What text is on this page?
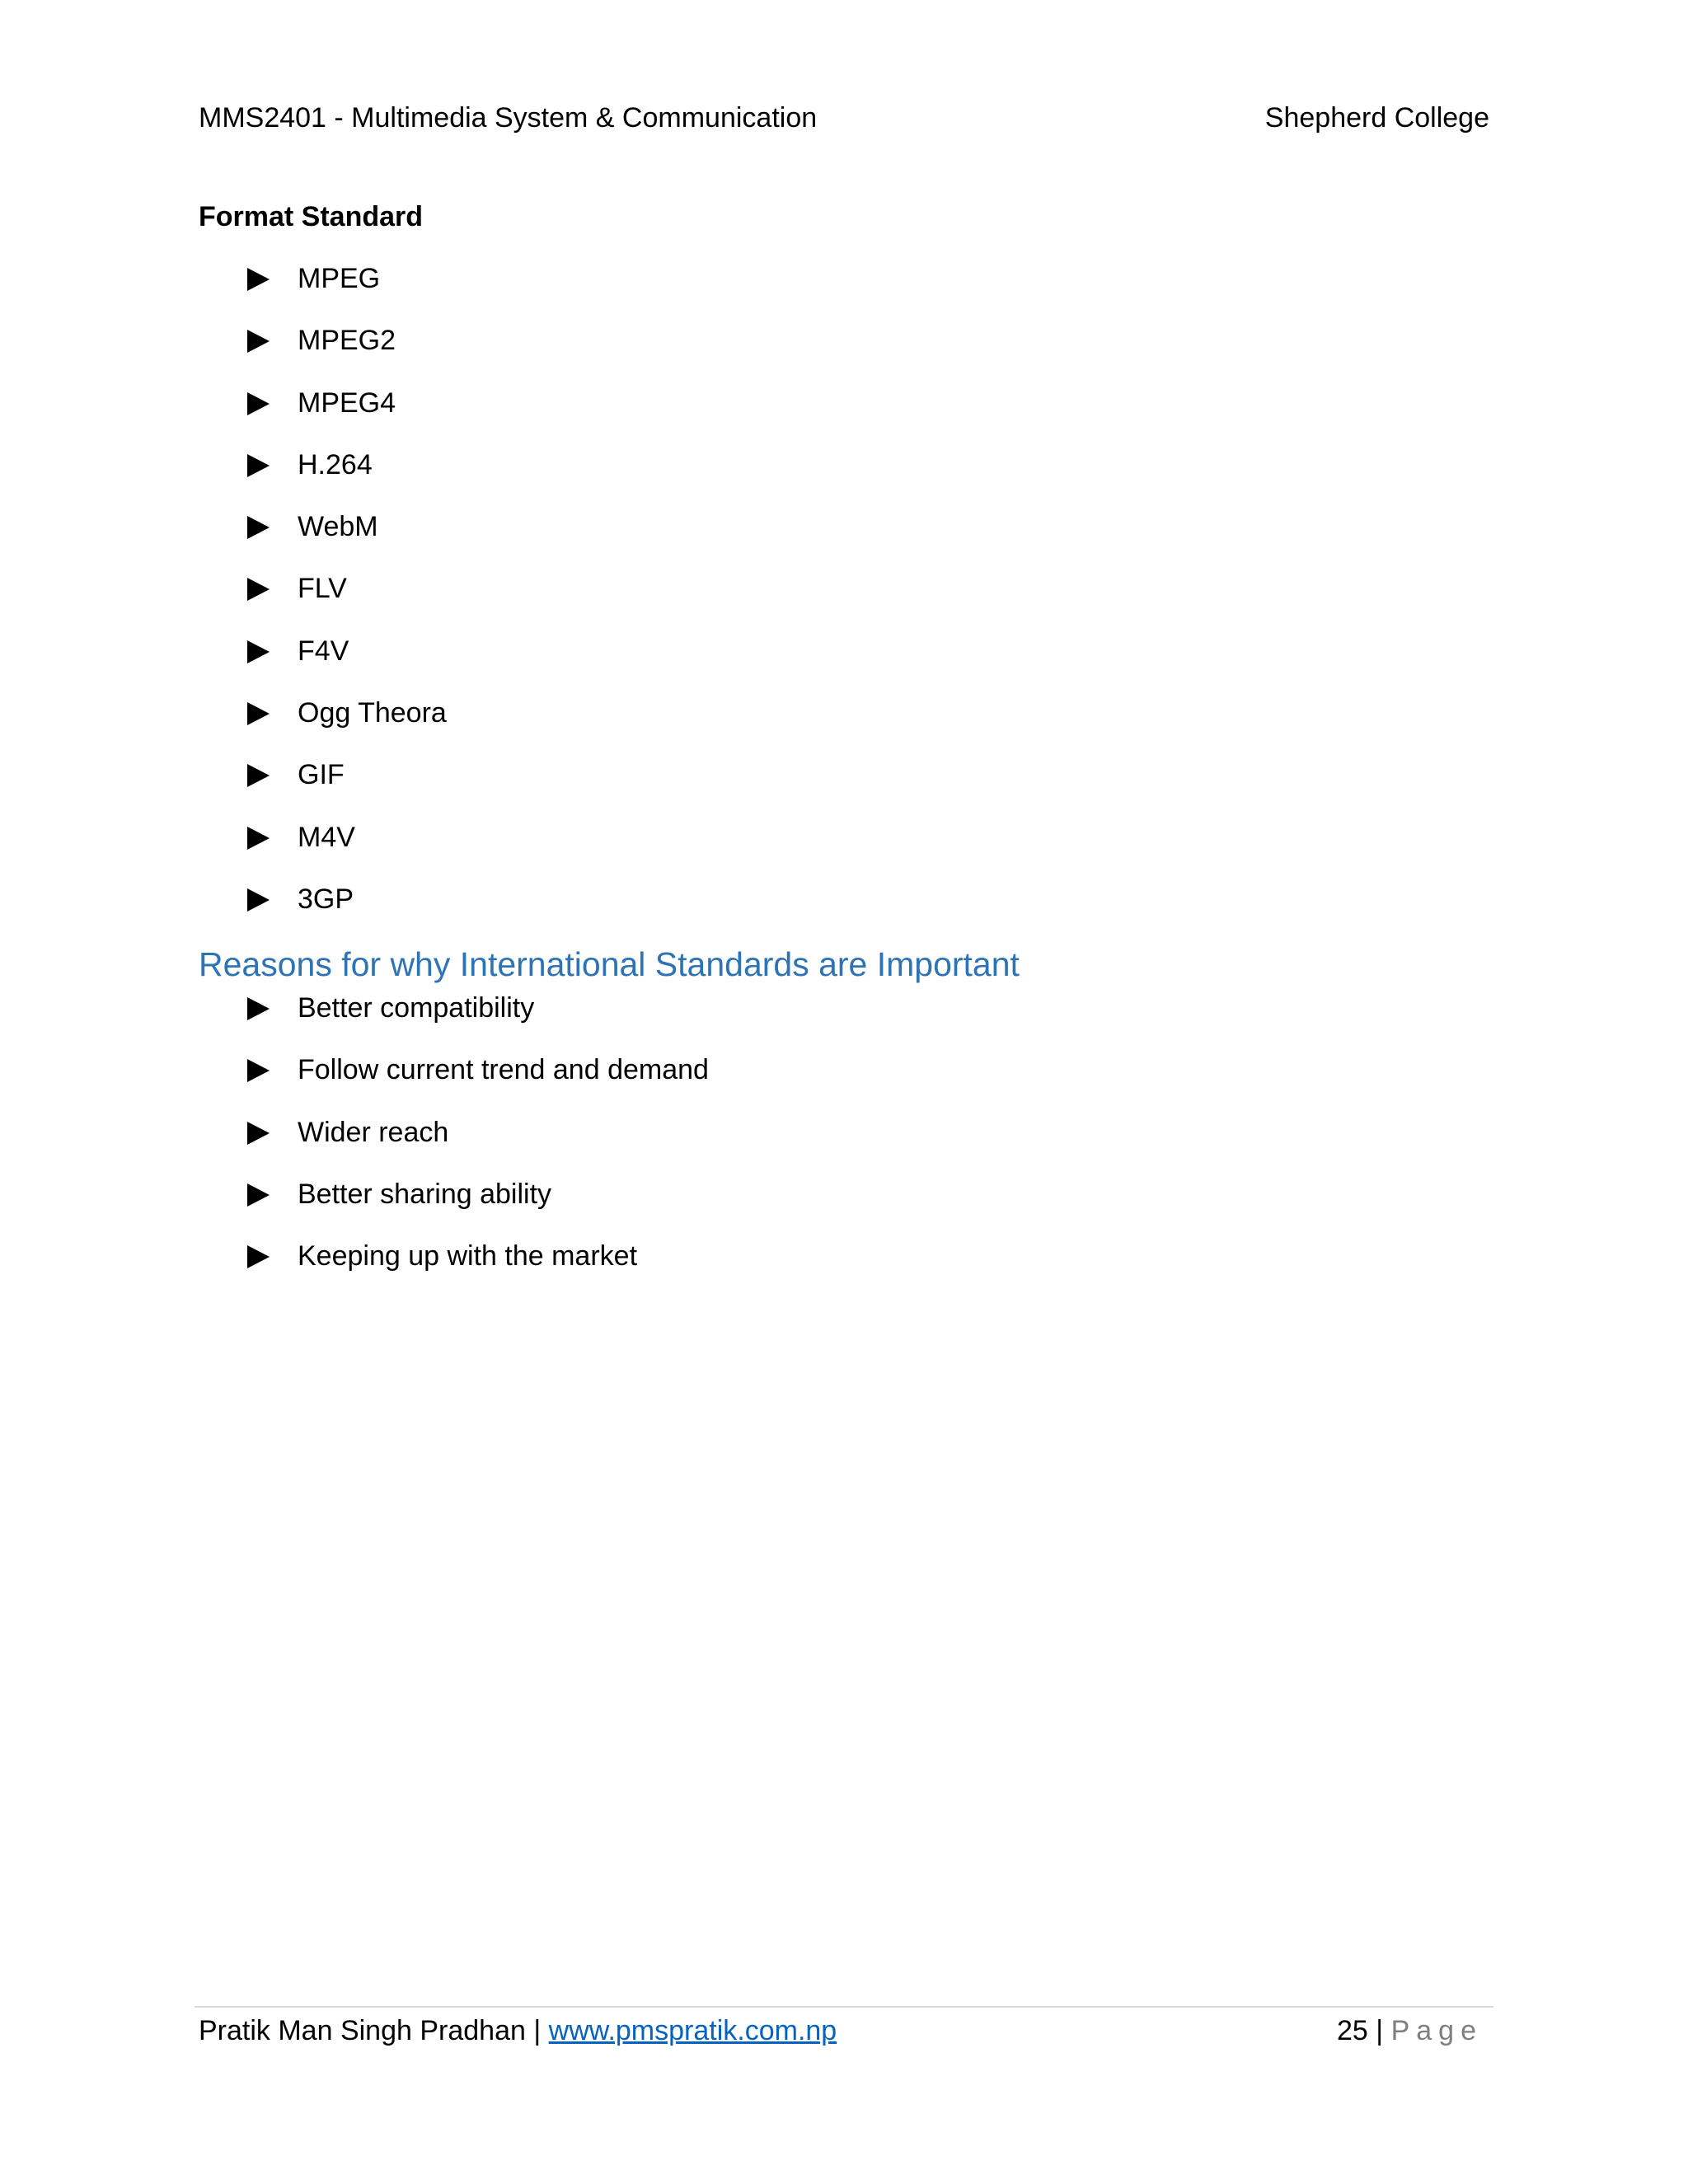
MMS2401 - Multimedia System & Communication	Shepherd College
Format Standard
MPEG
MPEG2
MPEG4
H.264
WebM
FLV
F4V
Ogg Theora
GIF
M4V
3GP
Reasons for why International Standards are Important
Better compatibility
Follow current trend and demand
Wider reach
Better sharing ability
Keeping up with the market
Pratik Man Singh Pradhan | www.pmspratik.com.np	25 | Page
